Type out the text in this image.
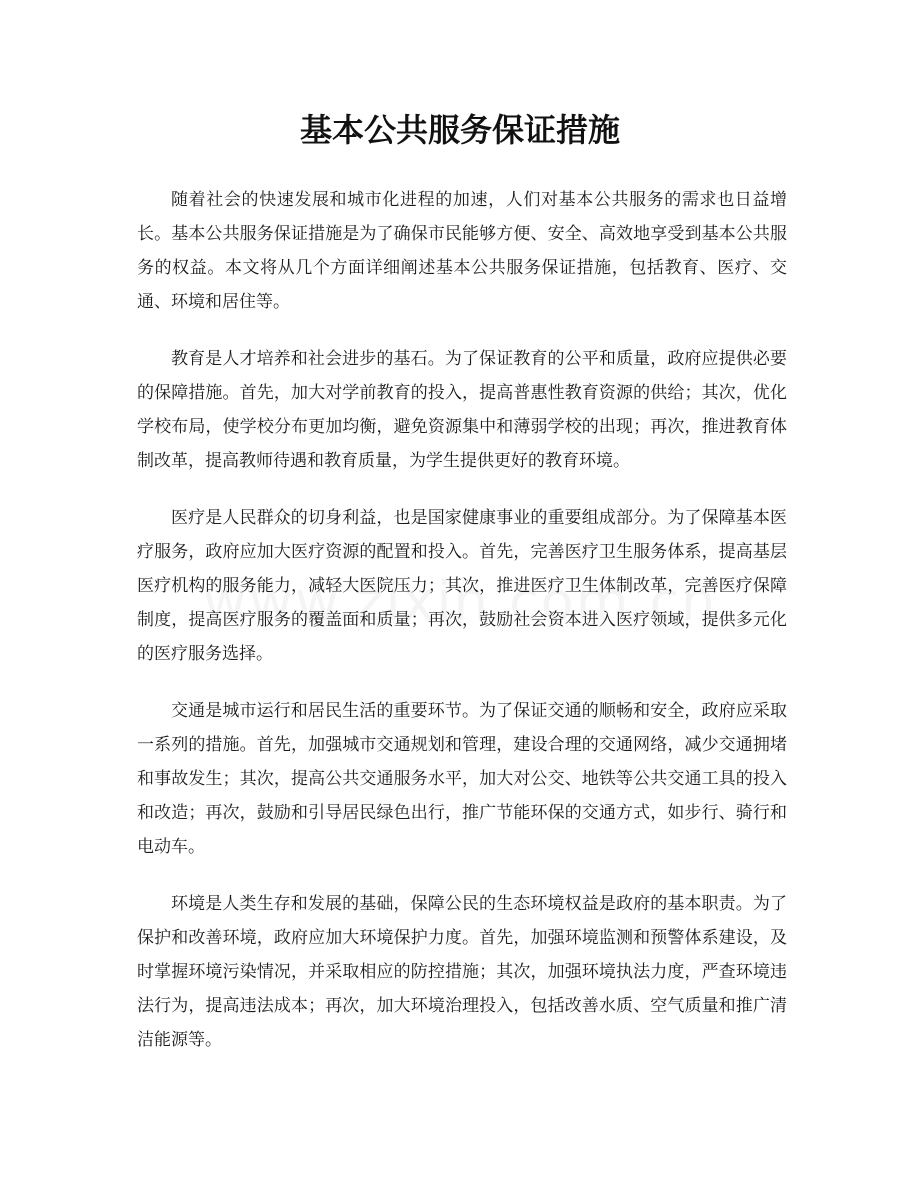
基本公共服务保证措施

随着社会的快速发展和城市化进程的加速，人们对基本公共服务的需求也日益增长。基本公共服务保证措施是为了确保市民能够方便、安全、高效地享受到基本公共服务的权益。本文将从几个方面详细阐述基本公共服务保证措施，包括教育、医疗、交通、环境和居住等。

教育是人才培养和社会进步的基石。为了保证教育的公平和质量，政府应提供必要的保障措施。首先，加大对学前教育的投入，提高普惠性教育资源的供给；其次，优化学校布局，使学校分布更加均衡，避免资源集中和薄弱学校的出现；再次，推进教育体制改革，提高教师待遇和教育质量，为学生提供更好的教育环境。

医疗是人民群众的切身利益，也是国家健康事业的重要组成部分。为了保障基本医疗服务，政府应加大医疗资源的配置和投入。首先，完善医疗卫生服务体系，提高基层医疗机构的服务能力，减轻大医院压力；其次，推进医疗卫生体制改革，完善医疗保障制度，提高医疗服务的覆盖面和质量；再次，鼓励社会资本进入医疗领域，提供多元化的医疗服务选择。

交通是城市运行和居民生活的重要环节。为了保证交通的顺畅和安全，政府应采取一系列的措施。首先，加强城市交通规划和管理，建设合理的交通网络，减少交通拥堵和事故发生；其次，提高公共交通服务水平，加大对公交、地铁等公共交通工具的投入和改造；再次，鼓励和引导居民绿色出行，推广节能环保的交通方式，如步行、骑行和电动车。

环境是人类生存和发展的基础，保障公民的生态环境权益是政府的基本职责。为了保护和改善环境，政府应加大环境保护力度。首先，加强环境监测和预警体系建设，及时掌握环境污染情况，并采取相应的防控措施；其次，加强环境执法力度，严查环境违法行为，提高违法成本；再次，加大环境治理投入，包括改善水质、空气质量和推广清洁能源等。
